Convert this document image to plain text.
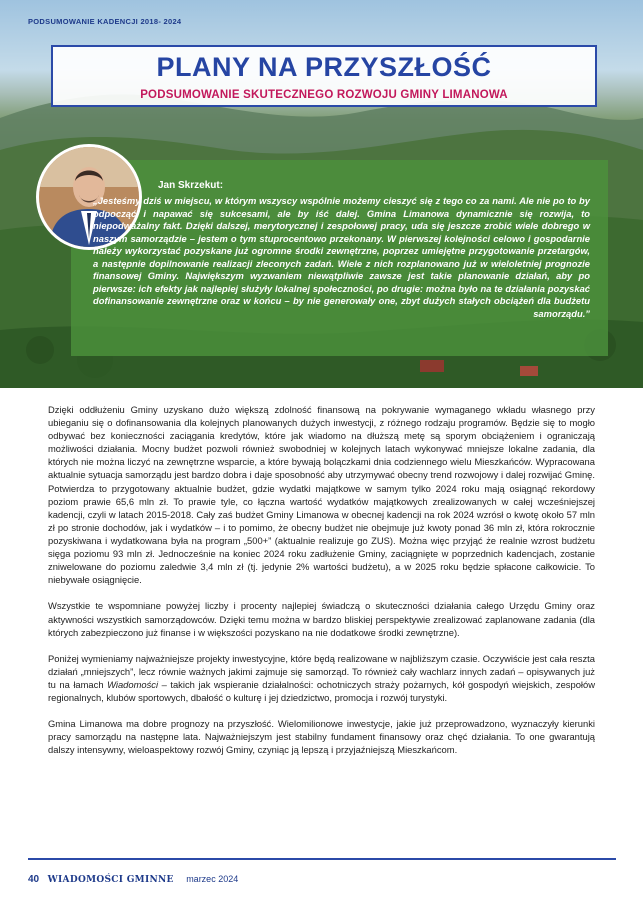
PODSUMOWANIE KADENCJI 2018- 2024
PLANY NA PRZYSZŁOŚĆ
PODSUMOWANIE SKUTECZNEGO ROZWOJU GMINY LIMANOWA
Jan Skrzekut:
„Jesteśmy dziś w miejscu, w którym wszyscy wspólnie możemy cieszyć się z tego co za nami. Ale nie po to by odpocząć i napawać się sukcesami, ale by iść dalej. Gmina Limanowa dynamicznie się rozwija, to niepodważalny fakt. Dzięki dalszej, merytorycznej i zespołowej pracy, uda się jeszcze zrobić wiele dobrego w naszym samorządzie – jestem o tym stuprocentowo przekonany. W pierwszej kolejności celowo i gospodarnie należy wykorzystać pozyskane już ogromne środki zewnętrzne, poprzez umiejętne przygotowanie przetargów, a następnie dopilnowanie realizacji zleconych zadań. Wiele z nich rozplanowano już w wieloletniej prognozie finansowej Gminy. Największym wyzwaniem niewątpliwie zawsze jest takie planowanie działań, aby po pierwsze: ich efekty jak najlepiej służyły lokalnej społeczności, po drugie: można było na te działania pozyskać dofinansowanie zewnętrzne oraz w końcu – by nie generowały one, zbyt dużych stałych obciążeń dla budżetu samorządu.”

Dzięki oddłużeniu Gminy uzyskano dużo większą zdolność finansową na pokrywanie wymaganego wkładu własnego przy ubieganiu się o dofinansowania dla kolejnych planowanych dużych inwestycji, z różnego rodzaju programów. Będzie się to mogło odbywać bez konieczności zaciągania kredytów, które jak wiadomo na dłuższą metę są sporym obciążeniem i ograniczają możliwości działania. Mocny budżet pozwoli również swobodniej w kolejnych latach wykonywać mniejsze lokalne zadania, dla których nie można liczyć na zewnętrzne wsparcie, a które bywają bolączkami dnia codziennego wielu Mieszkańców. Wypracowana aktualnie sytuacja samorządu jest bardzo dobra i daje sposobność aby utrzymywać obecny trend rozwojowy i dalej rozwijać Gminę. Potwierdza to przygotowany aktualnie budżet, gdzie wydatki majątkowe w samym tylko 2024 roku mają osiągnąć rekordowy poziom prawie 65,6 mln zł. To prawie tyle, co łączna wartość wydatków majątkowych zrealizowanych w całej wcześniejszej kadencji, czyli w latach 2015-2018. Cały zaś budżet Gminy Limanowa w obecnej kadencji na rok 2024 wzrósł o kwotę około 57 mln zł po stronie dochodów, jak i wydatków – i to pomimo, że obecny budżet nie obejmuje już kwoty ponad 36 mln zł, która rokrocznie pozyskiwana i wydatkowana była na program „500+” (aktualnie realizuje go ZUS). Można więc przyjąć że realnie wzrost budżetu sięga poziomu 93 mln zł. Jednocześnie na koniec 2024 roku zadłużenie Gminy, zaciągnięte w poprzednich kadencjach, zostanie zniwelowane do poziomu zaledwie 3,4 mln zł (tj. jedynie 2% wartości budżetu), a w 2025 roku będzie spłacone całkowicie. To niebywałe osiągnięcie.

Wszystkie te wspomniane powyżej liczby i procenty najlepiej świadczą o skuteczności działania całego Urzędu Gminy oraz aktywności wszystkich samorządowców. Dzięki temu można w bardzo bliskiej perspektywie zrealizować zaplanowane zadania (dla których zabezpieczono już finanse i w większości pozyskano na nie dodatkowe środki zewnętrzne).

Poniżej wymieniamy najważniejsze projekty inwestycyjne, które będą realizowane w najbliższym czasie. Oczywiście jest cała reszta działań „mniejszych”, lecz równie ważnych jakimi zajmuje się samorząd. To również cały wachlarz innych zadań – opisywanych już tu na łamach Wiadomości – takich jak wspieranie działalności: ochotniczych straży pożarnych, kół gospodyń wiejskich, zespołów regionalnych, klubów sportowych, dbałość o kulturę i jej dziedzictwo, promocja i rozwój turystyki.

Gmina Limanowa ma dobre prognozy na przyszłość. Wielomilionowe inwestycje, jakie już przeprowadzono, wyznaczyły kierunki pracy samorządu na następne lata. Najważniejszym jest stabilny fundament finansowy oraz chęć działania. To one gwarantują dalszy intensywny, wieloaspektowy rozwój Gminy, czyniąc ją lepszą i przyjaźniejszą Mieszkańcom.

40 WIADOMOŚCI GMINNE marzec 2024
